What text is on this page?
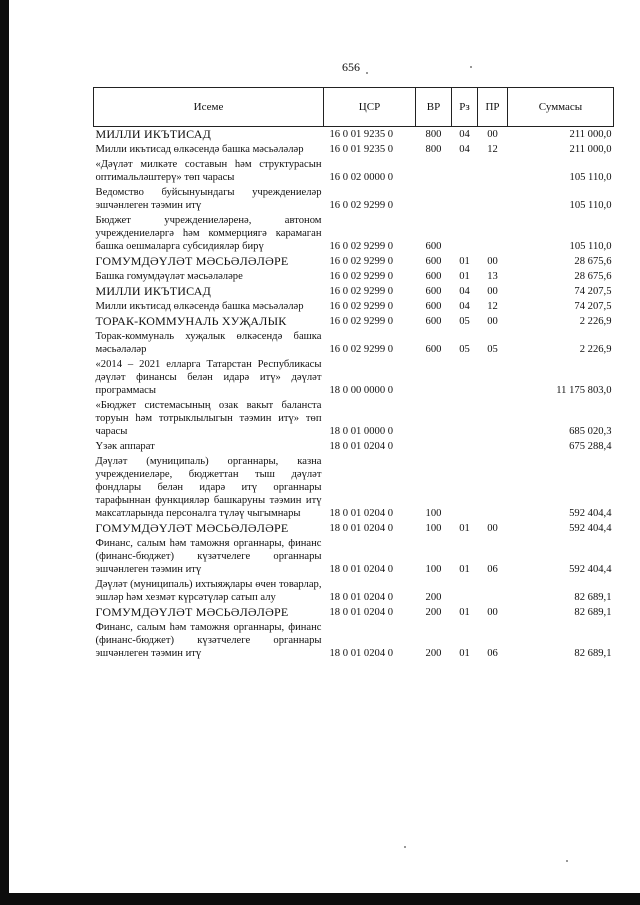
656
Исеме	ЦСР	ВР	Рз	ПР	Суммасы
МИЛЛИ ИКЪТИСАД	16 0 01 9235 0	800	04	00	211 000,0
Милли икътисад өлкәсендә башка мәсьәләләр	16 0 01 9235 0	800	04	12	211 000,0
«Дәүләт милкәте составын һәм структурасын оптимальләштерү» төп чарасы	16 0 02 0000 0				105 110,0
Ведомство буйсынуындагы учреждениеләр эшчәнлеген тәэмин итү	16 0 02 9299 0				105 110,0
Бюджет учреждениеләренә, автоном учреждениеләргә һәм коммерциягә карамаган башка оешмаларга субсидияләр бирү	16 0 02 9299 0	600			105 110,0
ГОМУМДӘҮЛӘТ МӘСЬӘЛӘЛӘРЕ	16 0 02 9299 0	600	01	00	28 675,6
Башка гомумдәүләт мәсьәләләре	16 0 02 9299 0	600	01	13	28 675,6
МИЛЛИ ИКЪТИСАД	16 0 02 9299 0	600	04	00	74 207,5
Милли икътисад өлкәсендә башка мәсьәләләр	16 0 02 9299 0	600	04	12	74 207,5
ТОРАК-КОММУНАЛЬ ХУҖАЛЫК	16 0 02 9299 0	600	05	00	2 226,9
Торак-коммуналь хуҗалык өлкәсендә башка мәсьәләләр	16 0 02 9299 0	600	05	05	2 226,9
«2014 – 2021 елларга Татарстан Республикасы дәүләт финансы белән идарә итү» дәүләт программасы	18 0 00 0000 0				11 175 803,0
«Бюджет системасының озак вакыт баланста торуын һәм тотрыклылыгын тәэмин итү» төп чарасы	18 0 01 0000 0				685 020,3
Үзәк аппарат	18 0 01 0204 0				675 288,4
Дәүләт (муниципаль) органнары, казна учреждениеләре, бюджеттан тыш дәүләт фондлары белән идарә итү органнары тарафыннан функцияләр башкаруны тәэмин итү максатларында персоналга түләү чыгымнары	18 0 01 0204 0	100			592 404,4
ГОМУМДӘҮЛӘТ МӘСЬӘЛӘЛӘРЕ	18 0 01 0204 0	100	01	00	592 404,4
Финанс, салым һәм таможня органнары, финанс (финанс-бюджет) күзәтчелеге органнары эшчәнлеген тәэмин итү	18 0 01 0204 0	100	01	06	592 404,4
Дәүләт (муниципаль) ихтыяҗлары өчен товарлар, эшләр һәм хезмәт күрсәтүләр сатып алу	18 0 01 0204 0	200			82 689,1
ГОМУМДӘҮЛӘТ МӘСЬӘЛӘЛӘРЕ	18 0 01 0204 0	200	01	00	82 689,1
Финанс, салым һәм таможня органнары, финанс (финанс-бюджет) күзәтчелеге органнары эшчәнлеген тәэмин итү	18 0 01 0204 0	200	01	06	82 689,1
